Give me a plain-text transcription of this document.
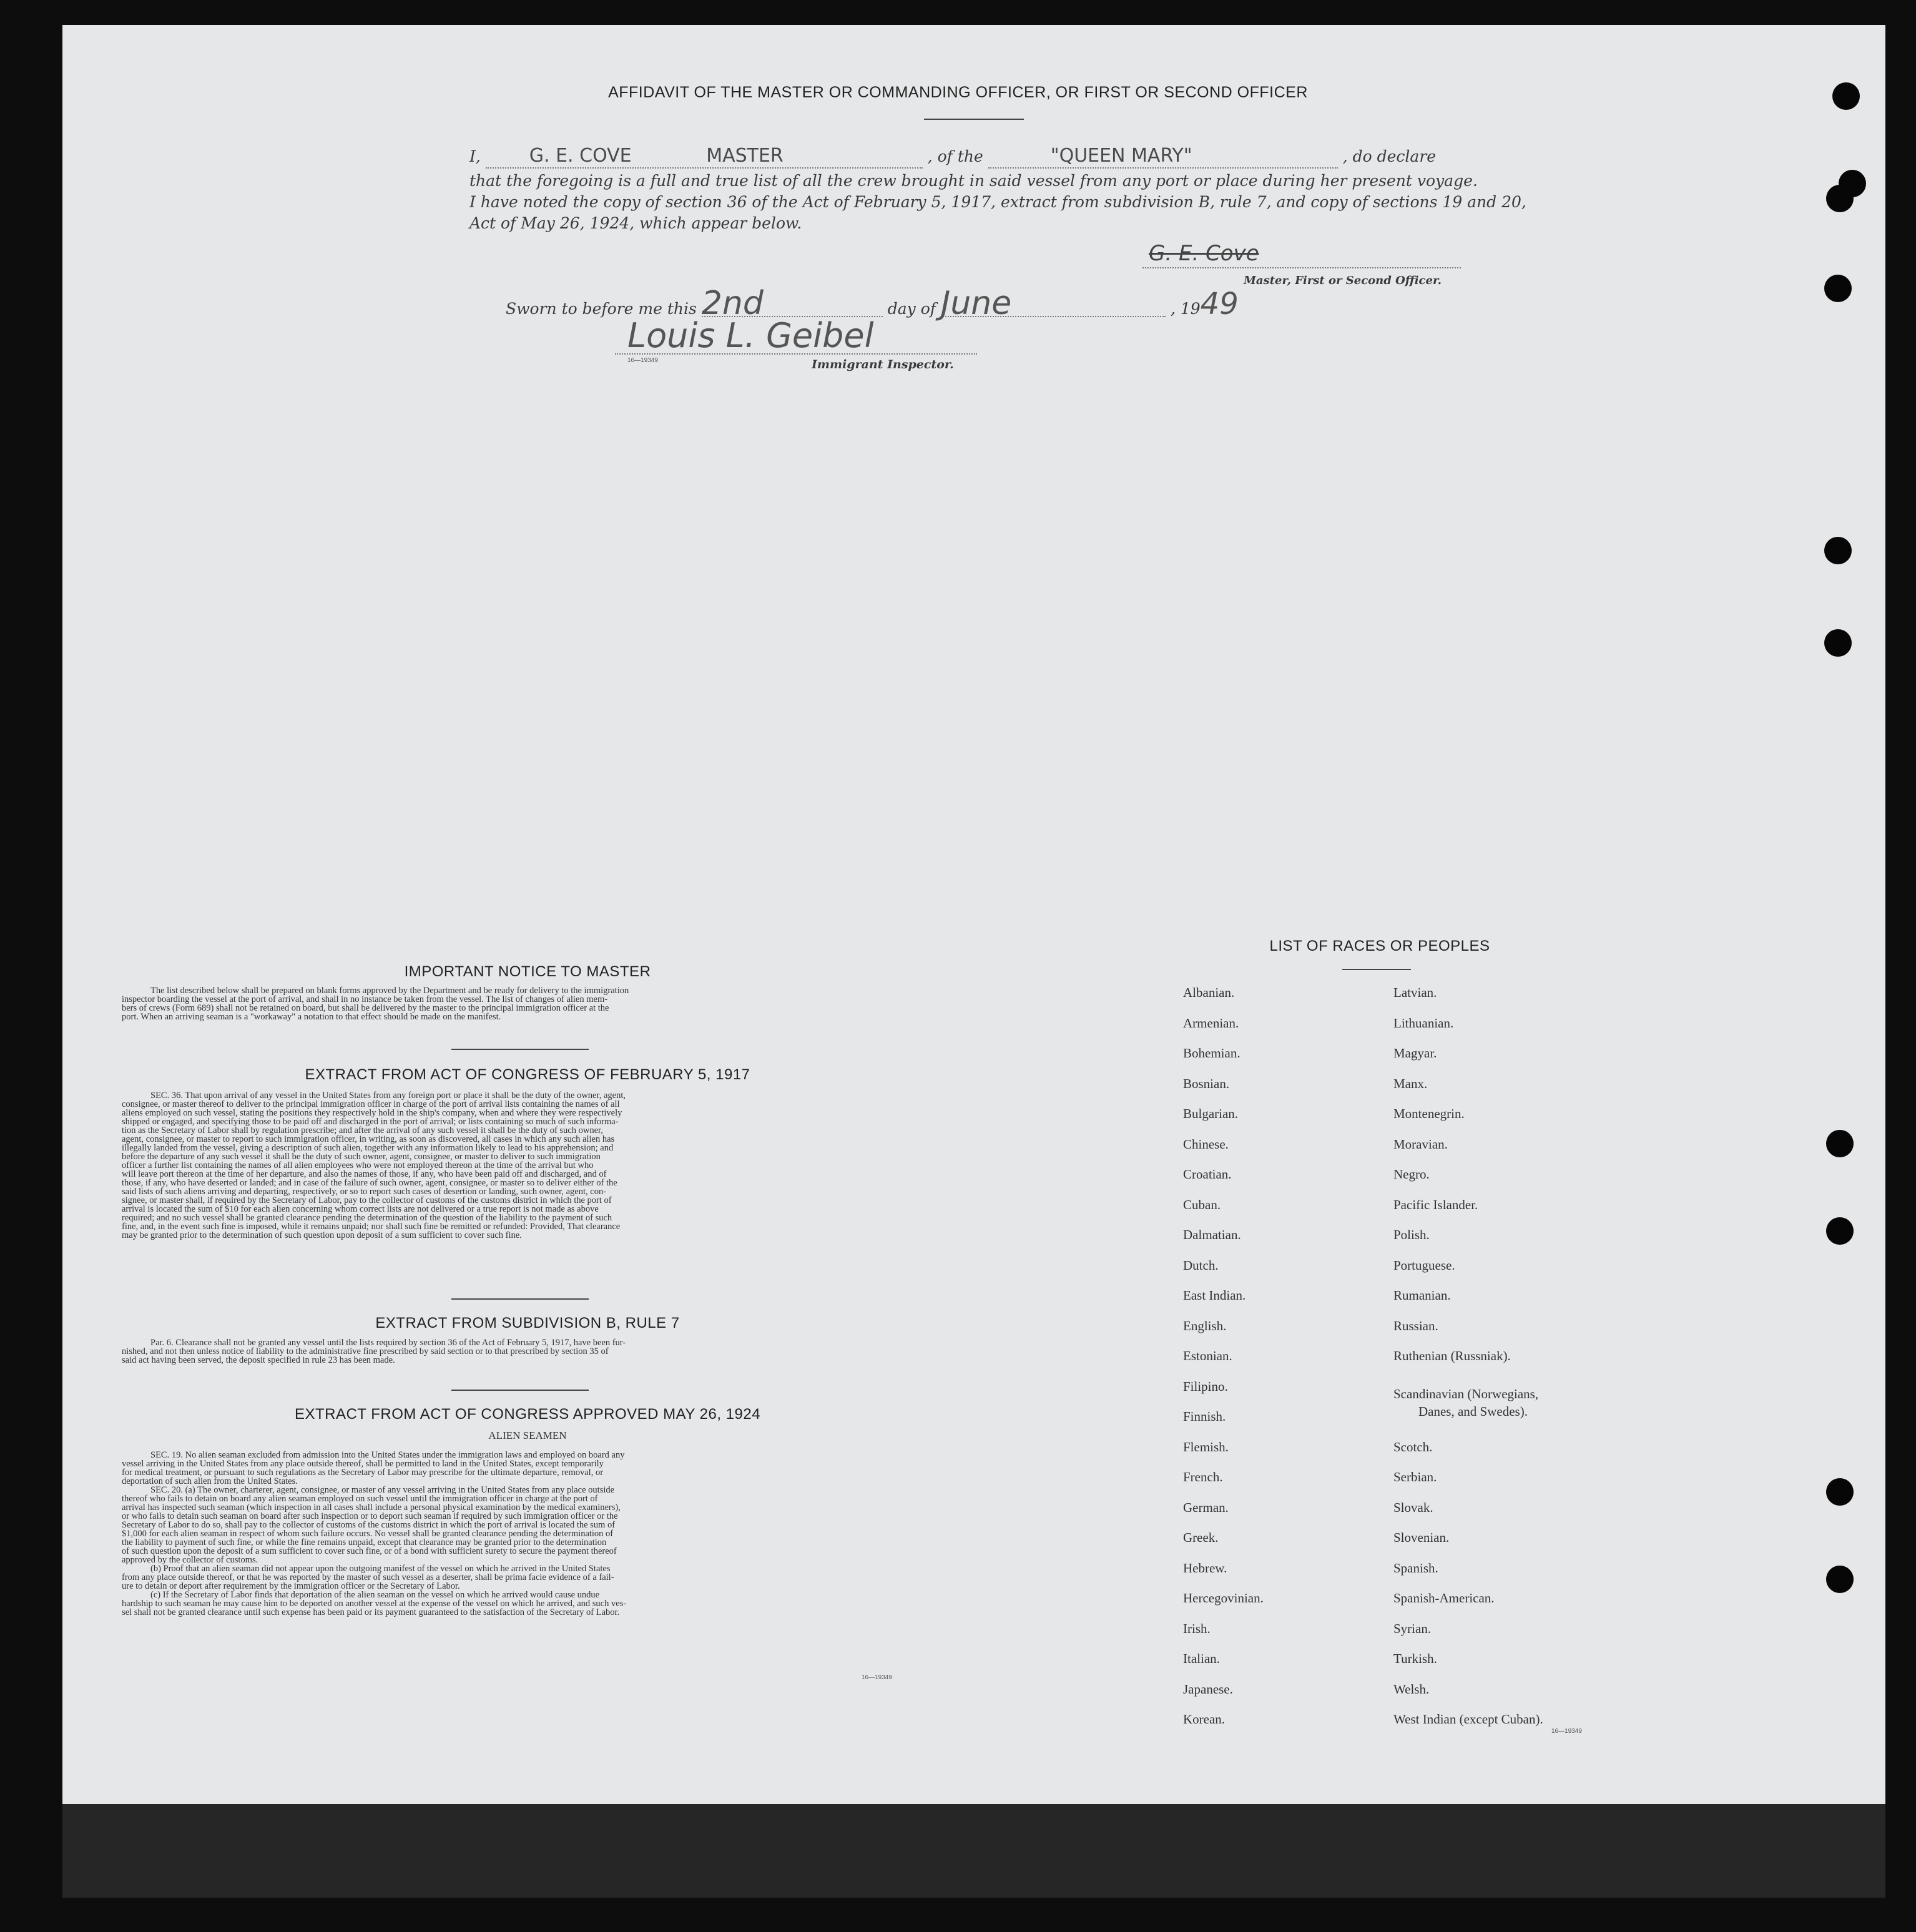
AFFIDAVIT OF THE MASTER OR COMMANDING OFFICER, OR FIRST OR SECOND OFFICER
I,	G. E. COVE	MASTER	, of the	"QUEEN MARY"	, do declare
that the foregoing is a full and true list of all the crew brought in said vessel from any port or place during her present voyage.
I have noted the copy of section 36 of the Act of February 5, 1917, extract from subdivision B, rule 7, and copy of sections 19 and 20,
Act of May 26, 1924, which appear below.
G. E. Cove
Master, First or Second Officer.
Sworn to before me this 2nd	day of June	, 1949
Louis L. Geibel
16—19349	Immigrant Inspector.
IMPORTANT NOTICE TO MASTER
The list described below shall be prepared on blank forms approved by the Department and be ready for delivery to the immigration
inspector boarding the vessel at the port of arrival, and shall in no instance be taken from the vessel. The list of changes of alien mem-
bers of crews (Form 689) shall not be retained on board, but shall be delivered by the master to the principal immigration officer at the
port. When an arriving seaman is a "workaway" a notation to that effect should be made on the manifest.
EXTRACT FROM ACT OF CONGRESS OF FEBRUARY 5, 1917
SEC. 36. That upon arrival of any vessel in the United States from any foreign port or place it shall be the duty of the owner, agent,
consignee, or master thereof to deliver to the principal immigration officer in charge of the port of arrival lists containing the names of all
aliens employed on such vessel, stating the positions they respectively hold in the ship's company, when and where they were respectively
shipped or engaged, and specifying those to be paid off and discharged in the port of arrival; or lists containing so much of such informa-
tion as the Secretary of Labor shall by regulation prescribe; and after the arrival of any such vessel it shall be the duty of such owner,
agent, consignee, or master to report to such immigration officer, in writing, as soon as discovered, all cases in which any such alien has
illegally landed from the vessel, giving a description of such alien, together with any information likely to lead to his apprehension; and
before the departure of any such vessel it shall be the duty of such owner, agent, consignee, or master to deliver to such immigration
officer a further list containing the names of all alien employees who were not employed thereon at the time of the arrival but who
will leave port thereon at the time of her departure, and also the names of those, if any, who have been paid off and discharged, and of
those, if any, who have deserted or landed; and in case of the failure of such owner, agent, consignee, or master so to deliver either of the
said lists of such aliens arriving and departing, respectively, or so to report such cases of desertion or landing, such owner, agent, con-
signee, or master shall, if required by the Secretary of Labor, pay to the collector of customs of the customs district in which the port of
arrival is located the sum of $10 for each alien concerning whom correct lists are not delivered or a true report is not made as above
required; and no such vessel shall be granted clearance pending the determination of the question of the liability to the payment of such
fine, and, in the event such fine is imposed, while it remains unpaid; nor shall such fine be remitted or refunded: Provided, That clearance
may be granted prior to the determination of such question upon deposit of a sum sufficient to cover such fine.
EXTRACT FROM SUBDIVISION B, RULE 7
Par. 6. Clearance shall not be granted any vessel until the lists required by section 36 of the Act of February 5, 1917, have been fur-
nished, and not then unless notice of liability to the administrative fine prescribed by said section or to that prescribed by section 35 of
said act having been served, the deposit specified in rule 23 has been made.
EXTRACT FROM ACT OF CONGRESS APPROVED MAY 26, 1924
ALIEN SEAMEN
SEC. 19. No alien seaman excluded from admission into the United States under the immigration laws and employed on board any
vessel arriving in the United States from any place outside thereof, shall be permitted to land in the United States, except temporarily
for medical treatment, or pursuant to such regulations as the Secretary of Labor may prescribe for the ultimate departure, removal, or
deportation of such alien from the United States.
SEC. 20. (a) The owner, charterer, agent, consignee, or master of any vessel arriving in the United States from any place outside
thereof who fails to detain on board any alien seaman employed on such vessel until the immigration officer in charge at the port of
arrival has inspected such seaman (which inspection in all cases shall include a personal physical examination by the medical examiners),
or who fails to detain such seaman on board after such inspection or to deport such seaman if required by such immigration officer or the
Secretary of Labor to do so, shall pay to the collector of customs of the customs district in which the port of arrival is located the sum of
$1,000 for each alien seaman in respect of whom such failure occurs. No vessel shall be granted clearance pending the determination of
the liability to payment of such fine, or while the fine remains unpaid, except that clearance may be granted prior to the determination
of such question upon the deposit of a sum sufficient to cover such fine, or of a bond with sufficient surety to secure the payment thereof
approved by the collector of customs.
(b) Proof that an alien seaman did not appear upon the outgoing manifest of the vessel on which he arrived in the United States
from any place outside thereof, or that he was reported by the master of such vessel as a deserter, shall be prima facie evidence of a fail-
ure to detain or deport after requirement by the immigration officer or the Secretary of Labor.
(c) If the Secretary of Labor finds that deportation of the alien seaman on the vessel on which he arrived would cause undue
hardship to such seaman he may cause him to be deported on another vessel at the expense of the vessel on which he arrived, and such ves-
sel shall not be granted clearance until such expense has been paid or its payment guaranteed to the satisfaction of the Secretary of Labor.
16—19349
LIST OF RACES OR PEOPLES
Albanian.
Armenian.
Bohemian.
Bosnian.
Bulgarian.
Chinese.
Croatian.
Cuban.
Dalmatian.
Dutch.
East Indian.
English.
Estonian.
Filipino.
Finnish.
Flemish.
French.
German.
Greek.
Hebrew.
Hercegovinian.
Irish.
Italian.
Japanese.
Korean.
Latvian.
Lithuanian.
Magyar.
Manx.
Montenegrin.
Moravian.
Negro.
Pacific Islander.
Polish.
Portuguese.
Rumanian.
Russian.
Ruthenian (Russniak).
Scandinavian (Norwegians,
Danes, and Swedes).
Scotch.
Serbian.
Slovak.
Slovenian.
Spanish.
Spanish-American.
Syrian.
Turkish.
Welsh.
West Indian (except Cuban).
16—19349
